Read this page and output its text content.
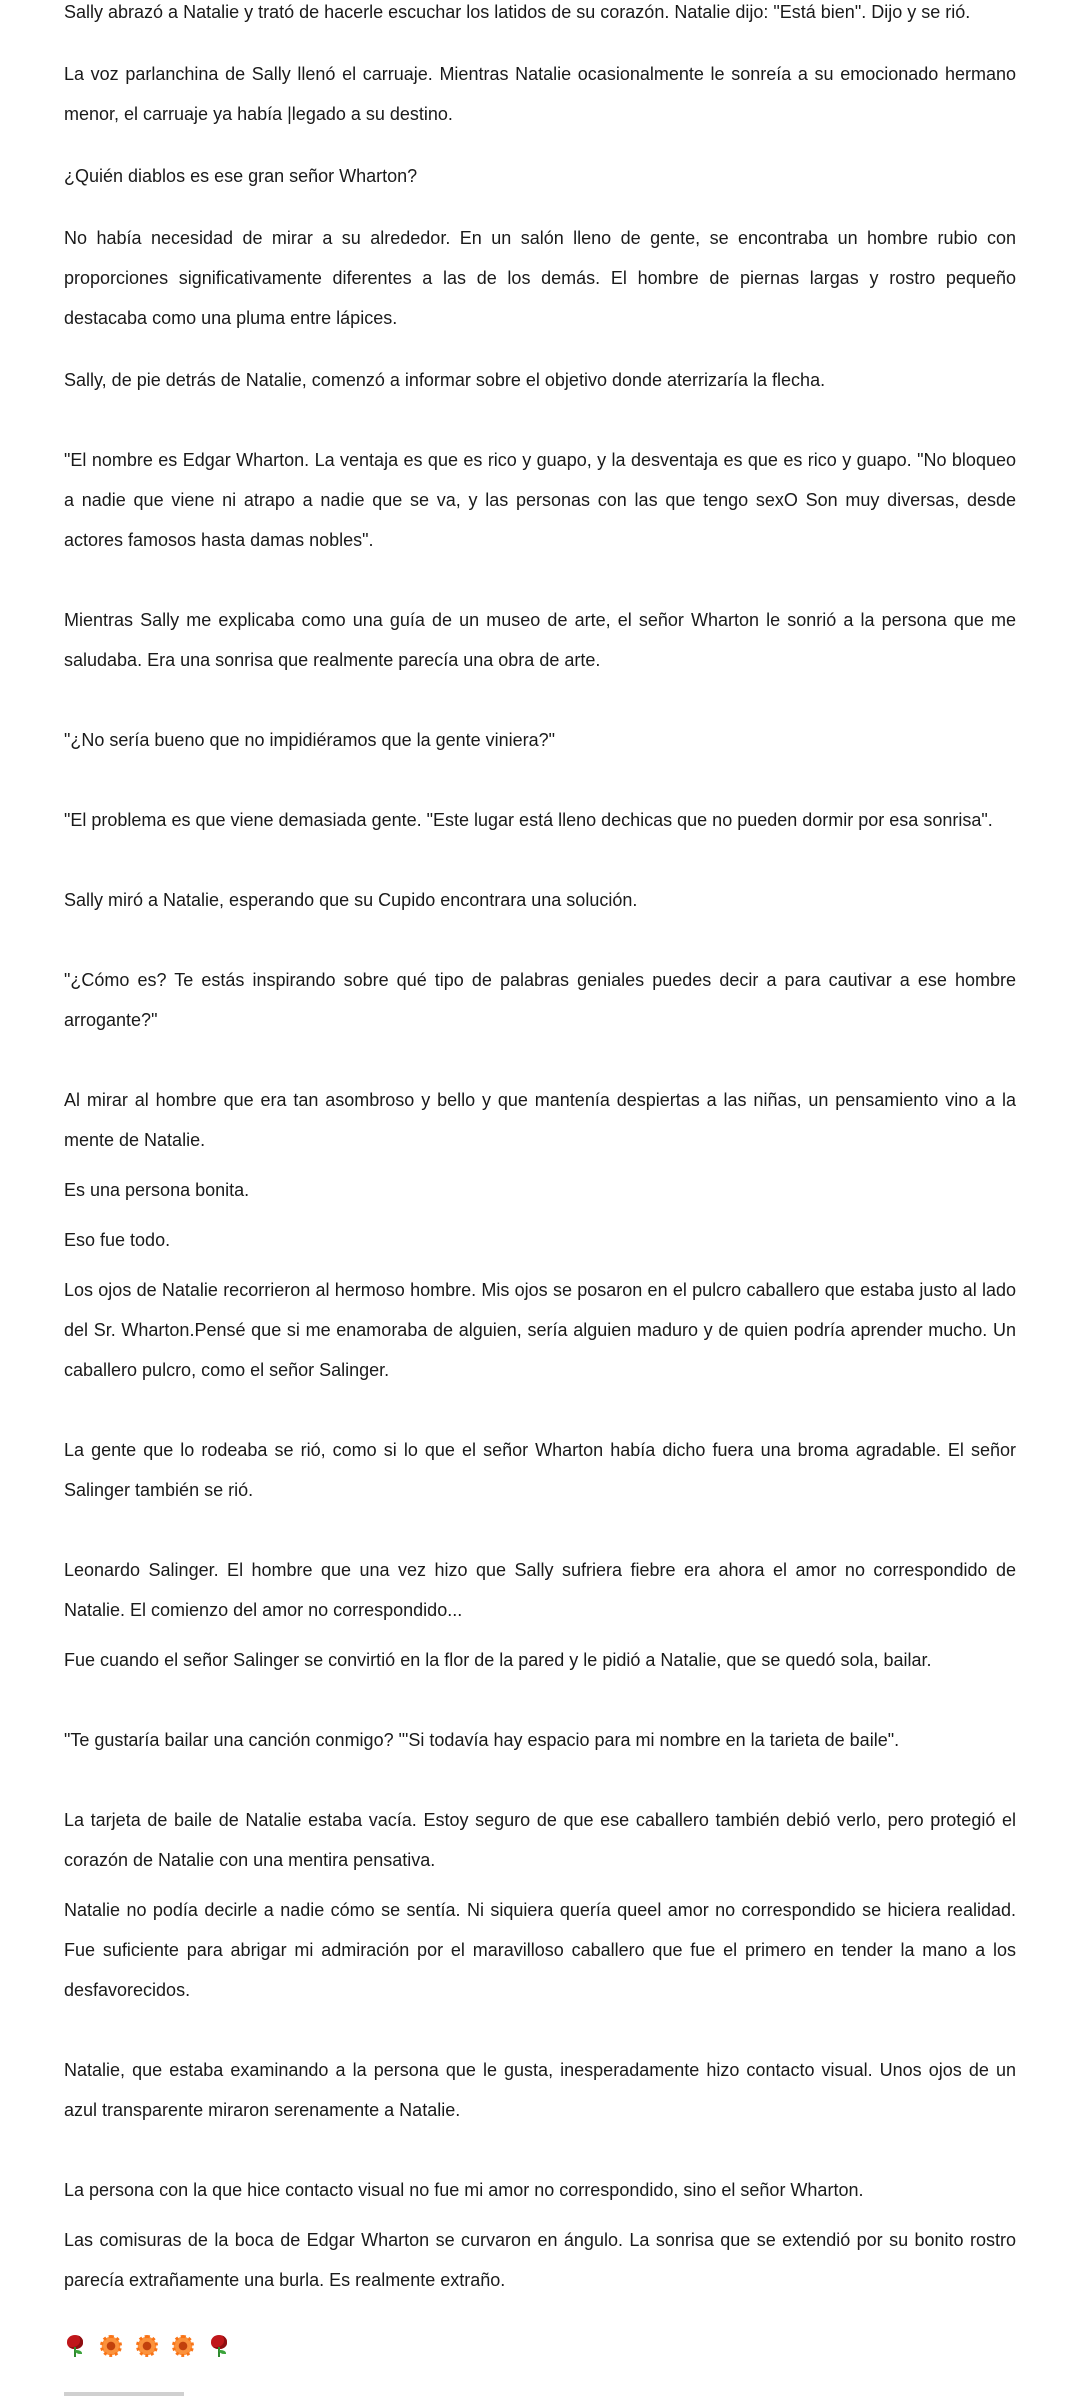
Sally abrazó a Natalie y trató de hacerle escuchar los latidos de su corazón. Natalie dijo: "Está bien". Dijo y se rió.

La voz parlanchina de Sally llenó el carruaje. Mientras Natalie ocasionalmente le sonreía a su emocionado hermano menor, el carruaje ya había |legado a su destino.

¿Quién diablos es ese gran señor Wharton?

No había necesidad de mirar a su alrededor. En un salón lleno de gente, se encontraba un hombre rubio con proporciones significativamente diferentes a las de los demás. El hombre de piernas largas y rostro pequeño destacaba como una pluma entre lápices.

Sally, de pie detrás de Natalie, comenzó a informar sobre el objetivo donde aterrizaría la flecha.

"El nombre es Edgar Wharton. La ventaja es que es rico y guapo, y la desventaja es que es rico y guapo. "No bloqueo a nadie que viene ni atrapo a nadie que se va, y las personas con las que tengo sexO Son muy diversas, desde actores famosos hasta damas nobles".

Mientras Sally me explicaba como una guía de un museo de arte, el señor Wharton le sonrió a la persona que me saludaba. Era una sonrisa que realmente parecía una obra de arte.

"¿No sería bueno que no impidiéramos que la gente viniera?"

"El problema es que viene demasiada gente. "Este lugar está lleno dechicas que no pueden dormir por esa sonrisa".

Sally miró a Natalie, esperando que su Cupido encontrara una solución.

"¿Cómo es? Te estás inspirando sobre qué tipo de palabras geniales puedes decir a para cautivar a ese hombre arrogante?"

Al mirar al hombre que era tan asombroso y bello y que mantenía despiertas a las niñas, un pensamiento vino a la mente de Natalie.

Es una persona bonita.

Eso fue todo.

Los ojos de Natalie recorrieron al hermoso hombre. Mis ojos se posaron en el pulcro caballero que estaba justo al lado del Sr. Wharton.Pensé que si me enamoraba de alguien, sería alguien maduro y de quien podría aprender mucho. Un caballero pulcro, como el señor Salinger.

La gente que lo rodeaba se rió, como si lo que el señor Wharton había dicho fuera una broma agradable. El señor Salinger también se rió.

Leonardo Salinger. El hombre que una vez hizo que Sally sufriera fiebre era ahora el amor no correspondido de Natalie. El comienzo del amor no correspondido...

Fue cuando el señor Salinger se convirtió en la flor de la pared y le pidió a Natalie, que se quedó sola, bailar.

"Te gustaría bailar una canción conmigo? "'Si todavía hay espacio para mi nombre en la tarieta de baile".

La tarjeta de baile de Natalie estaba vacía. Estoy seguro de que ese caballero también debió verlo, pero protegió el corazón de Natalie con una mentira pensativa.

Natalie no podía decirle a nadie cómo se sentía. Ni siquiera quería queel amor no correspondido se hiciera realidad. Fue suficiente para abrigar mi admiración por el maravilloso caballero que fue el primero en tender la mano a los desfavorecidos.

Natalie, que estaba examinando a la persona que le gusta, inesperadamente hizo contacto visual. Unos ojos de un azul transparente miraron serenamente a Natalie.

La persona con la que hice contacto visual no fue mi amor no correspondido, sino el señor Wharton.

Las comisuras de la boca de Edgar Wharton se curvaron en ángulo. La sonrisa que se extendió por su bonito rostro parecía extrañamente una burla. Es realmente extraño.
